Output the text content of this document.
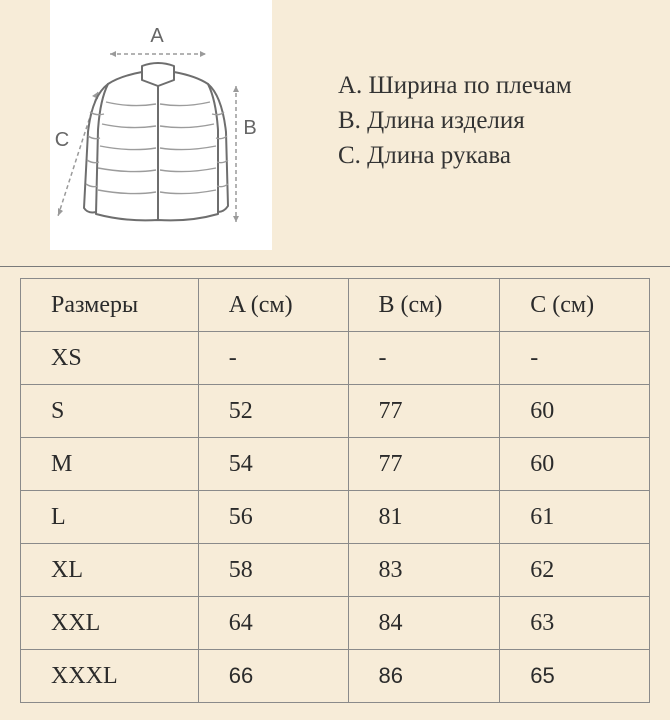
A
B
C
A. Ширина по плечам
B. Длина изделия
C. Длина рукава
Размеры	A (см)	B (см)	C (см)
XS	-	-	-
S	52	77	60
M	54	77	60
L	56	81	61
XL	58	83	62
XXL	64	84	63
XXXL	66	86	65
